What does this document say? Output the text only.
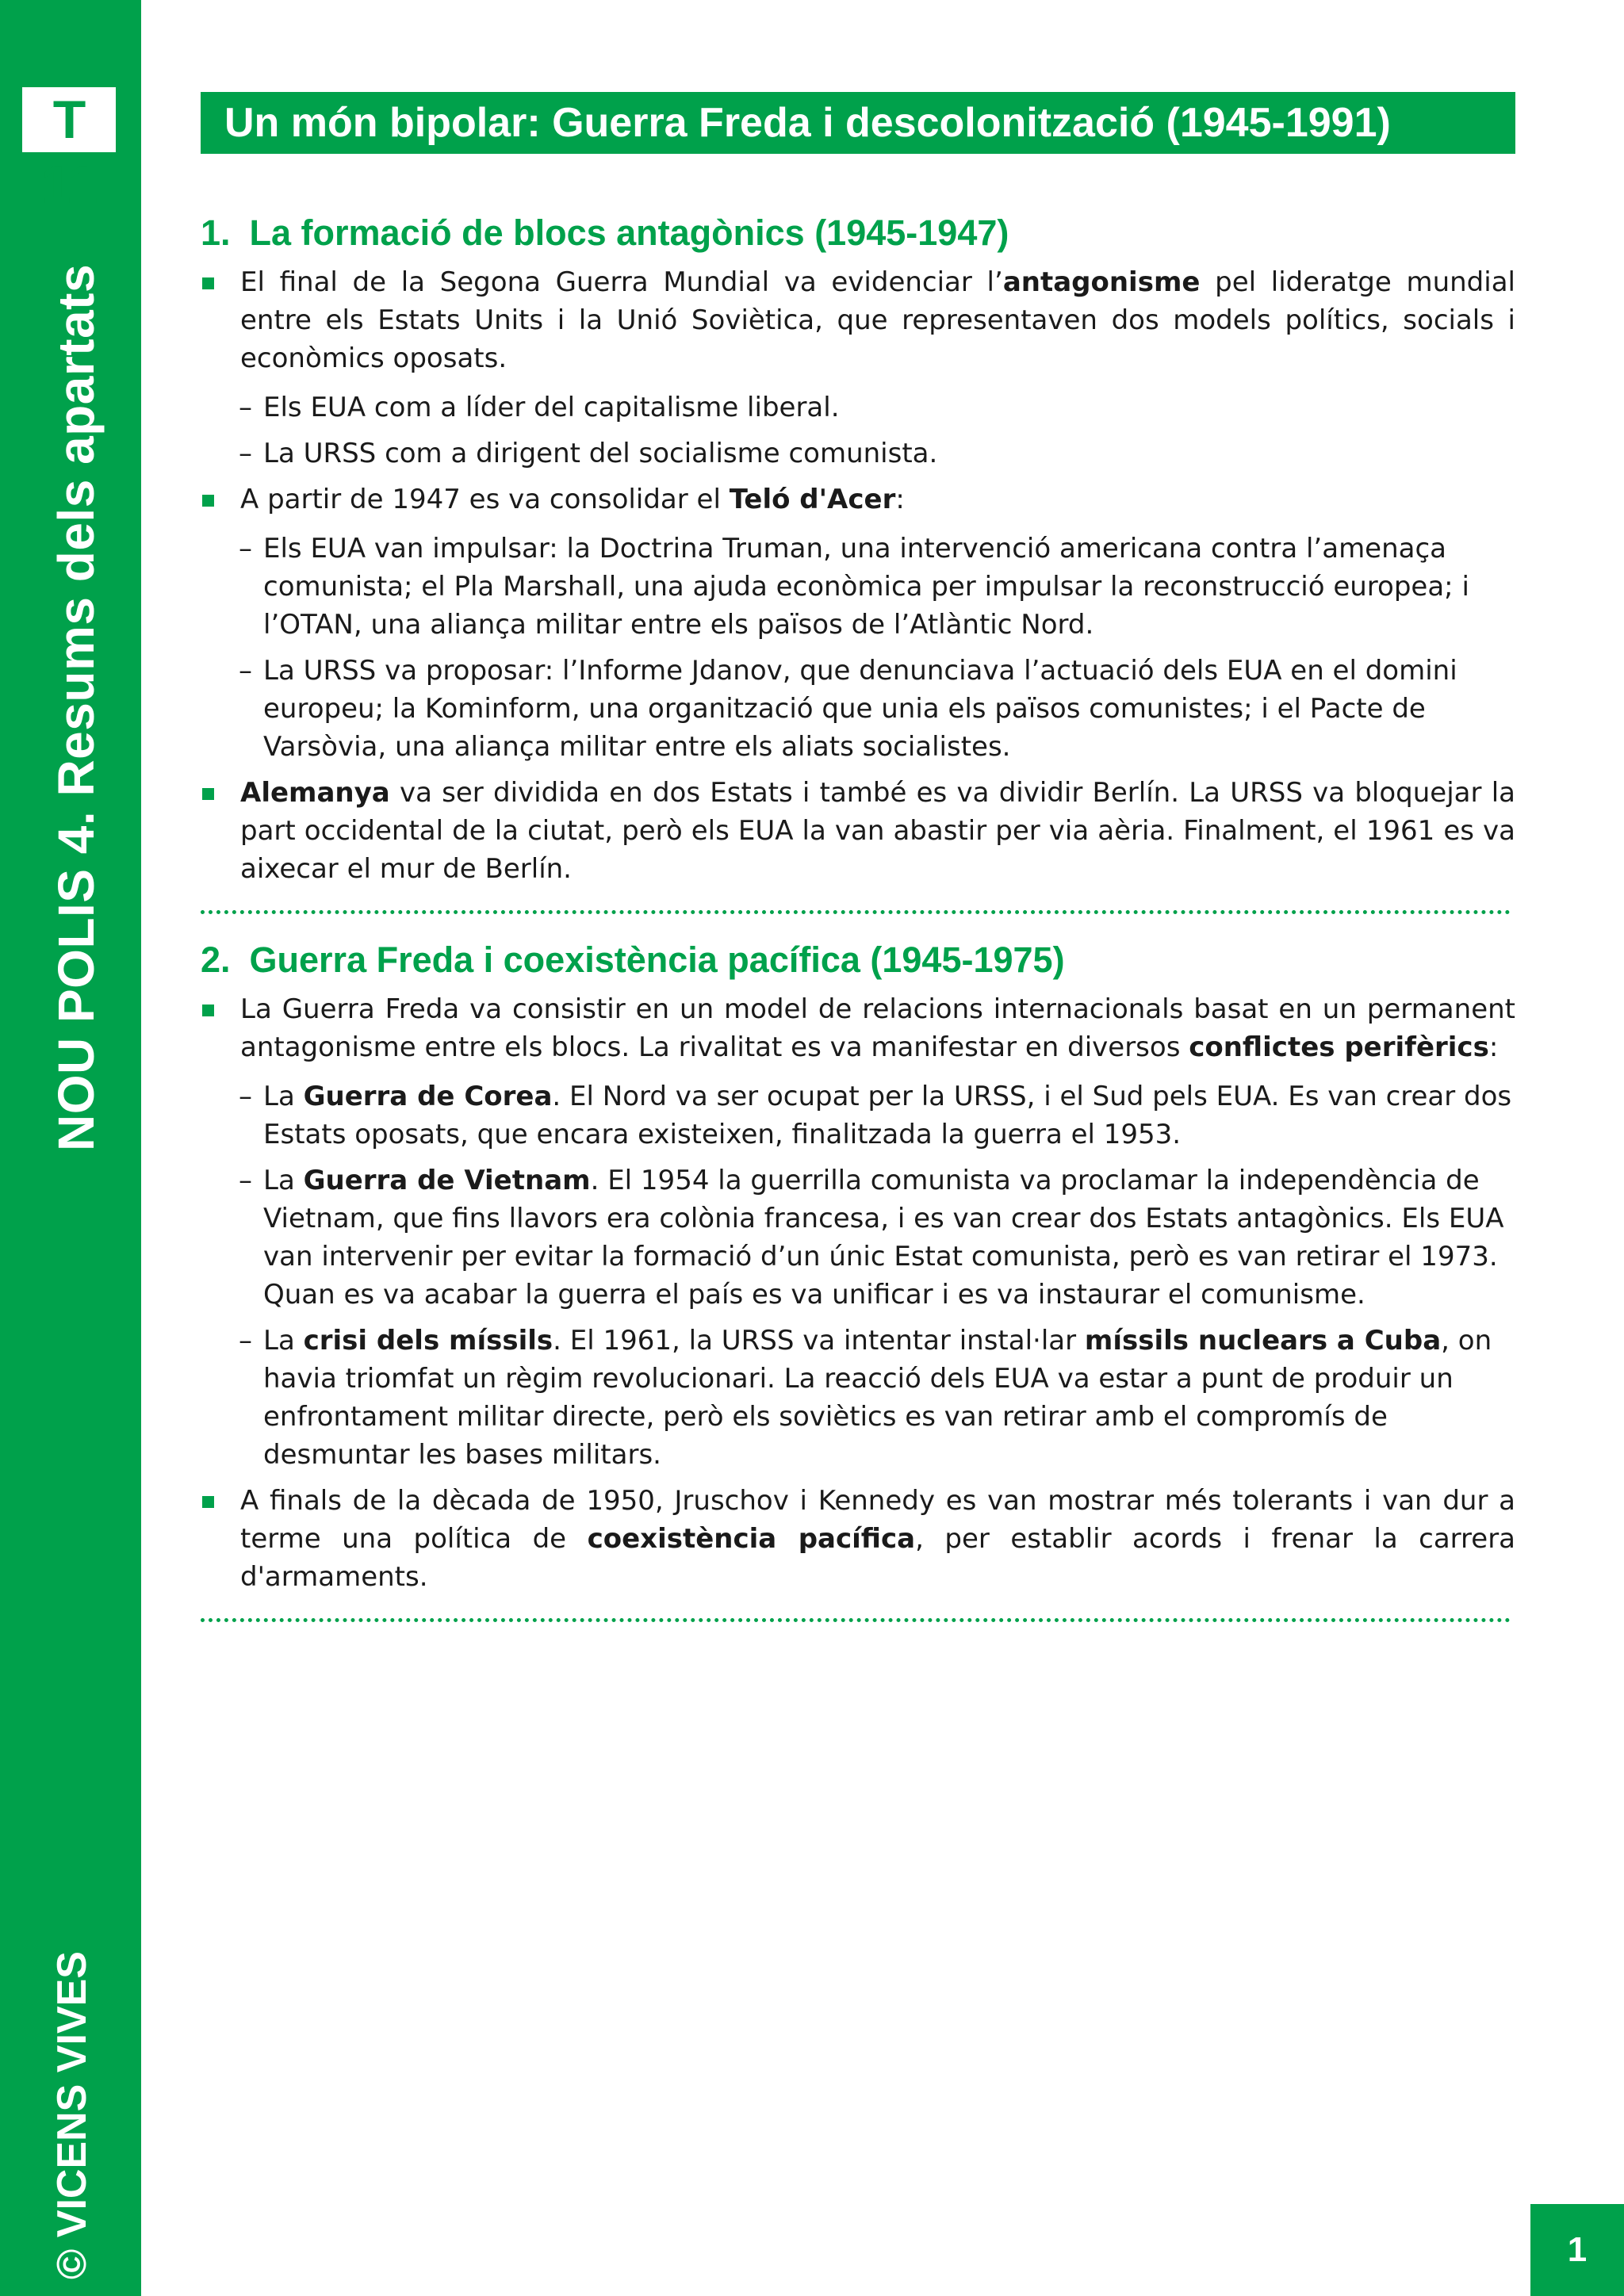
T 11
NOU POLIS 4. Resums dels apartats
© VICENS VIVES
Un món bipolar: Guerra Freda i descolonització (1945-1991)
1. La formació de blocs antagònics (1945-1947)

El final de la Segona Guerra Mundial va evidenciar l’antagonisme pel lideratge mundial entre els Estats Units i la Unió Soviètica, que representaven dos models polítics, socials i econòmics oposats.

– Els EUA com a líder del capitalisme liberal.

– La URSS com a dirigent del socialisme comunista.

A partir de 1947 es va consolidar el Teló d'Acer:

– Els EUA van impulsar: la Doctrina Truman, una intervenció americana contra l’amenaça comunista; el Pla Marshall, una ajuda econòmica per impulsar la reconstrucció europea; i l’OTAN, una aliança militar entre els països de l’Atlàntic Nord.

– La URSS va proposar: l’Informe Jdanov, que denunciava l’actuació dels EUA en el domini europeu; la Kominform, una organització que unia els països comunistes; i el Pacte de Varsòvia, una aliança militar entre els aliats socialistes.

Alemanya va ser dividida en dos Estats i també es va dividir Berlín. La URSS va bloquejar la part occidental de la ciutat, però els EUA la van abastir per via aèria. Finalment, el 1961 es va aixecar el mur de Berlín.

2. Guerra Freda i coexistència pacífica (1945-1975)

La Guerra Freda va consistir en un model de relacions internacionals basat en un permanent antagonisme entre els blocs. La rivalitat es va manifestar en diversos conflictes perifèrics:

– La Guerra de Corea. El Nord va ser ocupat per la URSS, i el Sud pels EUA. Es van crear dos Estats oposats, que encara existeixen, finalitzada la guerra el 1953.

– La Guerra de Vietnam. El 1954 la guerrilla comunista va proclamar la independència de Vietnam, que fins llavors era colònia francesa, i es van crear dos Estats antagònics. Els EUA van intervenir per evitar la formació d’un únic Estat comunista, però es van retirar el 1973. Quan es va acabar la guerra el país es va unificar i es va instaurar el comunisme.

– La crisi dels míssils. El 1961, la URSS va intentar instal·lar míssils nuclears a Cuba, on havia triomfat un règim revolucionari. La reacció dels EUA va estar a punt de produir un enfrontament militar directe, però els soviètics es van retirar amb el compromís de desmuntar les bases militars.

A finals de la dècada de 1950, Jruschov i Kennedy es van mostrar més tolerants i van dur a terme una política de coexistència pacífica, per establir acords i frenar la carrera d'armaments.

1
